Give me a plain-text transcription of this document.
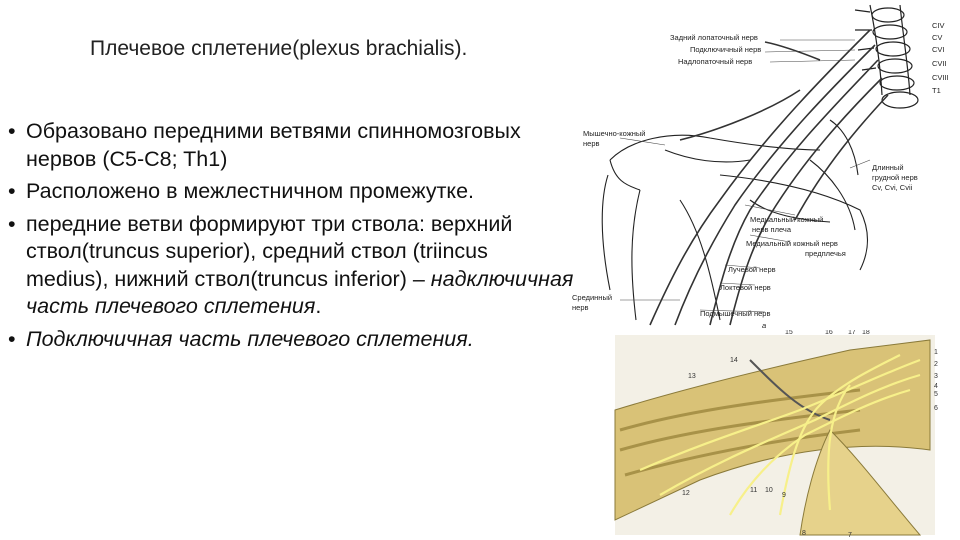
Плечевое сплетение(plexus brachialis).
• Образовано передними ветвями спинномозговых нервов (C5-C8; Th1)
• Расположено в межлестничном промежутке.
• передние ветви формируют три ствола: верхний ствол(truncus superior), средний ствол (triincus medius), нижний ствол(truncus inferior) – надключичная часть плечевого сплетения.
• Подключичная часть плечевого сплетения.
Задний лопаточный нерв
Подключичный нерв
Надлопаточный нерв
Мышечно-кожный
нерв
Длинный
грудной нерв
Cv, Cvi, Cvii
Медиальный кожный
нерв плеча
Медиальный кожный нерв
предплечья
Лучевой нерв
Локтевой нерв
Срединный
нерв
Подмышечный нерв
а
CIV
CV
CVI
CVII
CVIII
T1
15	16 17 18
1
2
3
4
5
6
13
14
12	11 10
9
8	7
